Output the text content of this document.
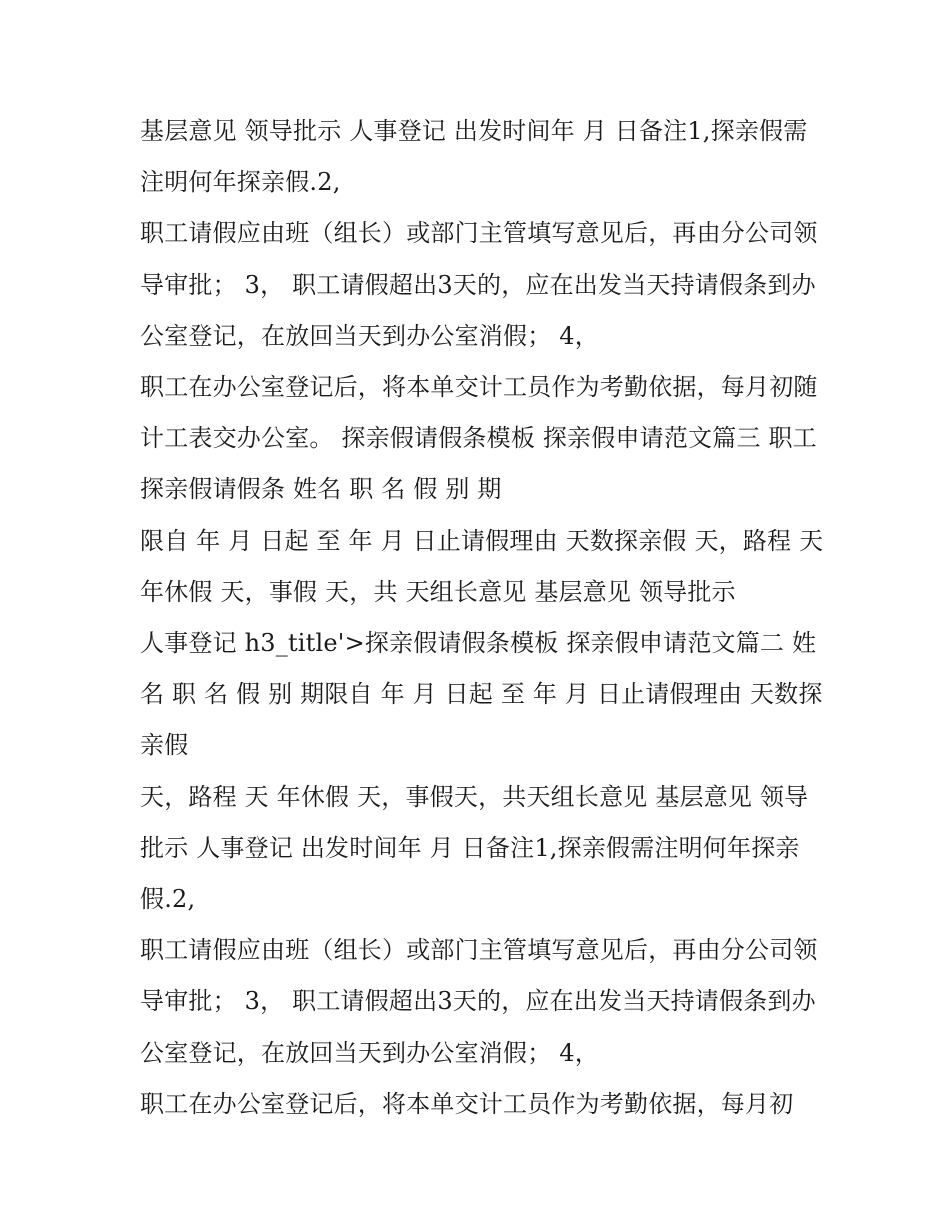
基层意见 领导批示 人事登记 出发时间年 月 日备注1,探亲假需注明何年探亲假.2,

职工请假应由班（组长）或部门主管填写意见后，再由分公司领导审批； 3， 职工请假超出3天的，应在出发当天持请假条到办公室登记，在放回当天到办公室消假； 4，

职工在办公室登记后，将本单交计工员作为考勤依据，每月初随计工表交办公室。 探亲假请假条模板 探亲假申请范文篇三 职工探亲假请假条 姓名 职 名 假 别 期

限自 年 月 日起 至 年 月 日止请假理由 天数探亲假 天，路程 天 年休假 天，事假 天，共 天组长意见 基层意见 领导批示

人事登记 h3_title'>探亲假请假条模板 探亲假申请范文篇二 姓名 职 名 假 别 期限自 年 月 日起 至 年 月 日止请假理由 天数探亲假

天，路程 天 年休假 天，事假天，共天组长意见 基层意见 领导批示 人事登记 出发时间年 月 日备注1,探亲假需注明何年探亲假.2,

职工请假应由班（组长）或部门主管填写意见后，再由分公司领导审批； 3， 职工请假超出3天的，应在出发当天持请假条到办公室登记，在放回当天到办公室消假； 4，

职工在办公室登记后，将本单交计工员作为考勤依据，每月初
